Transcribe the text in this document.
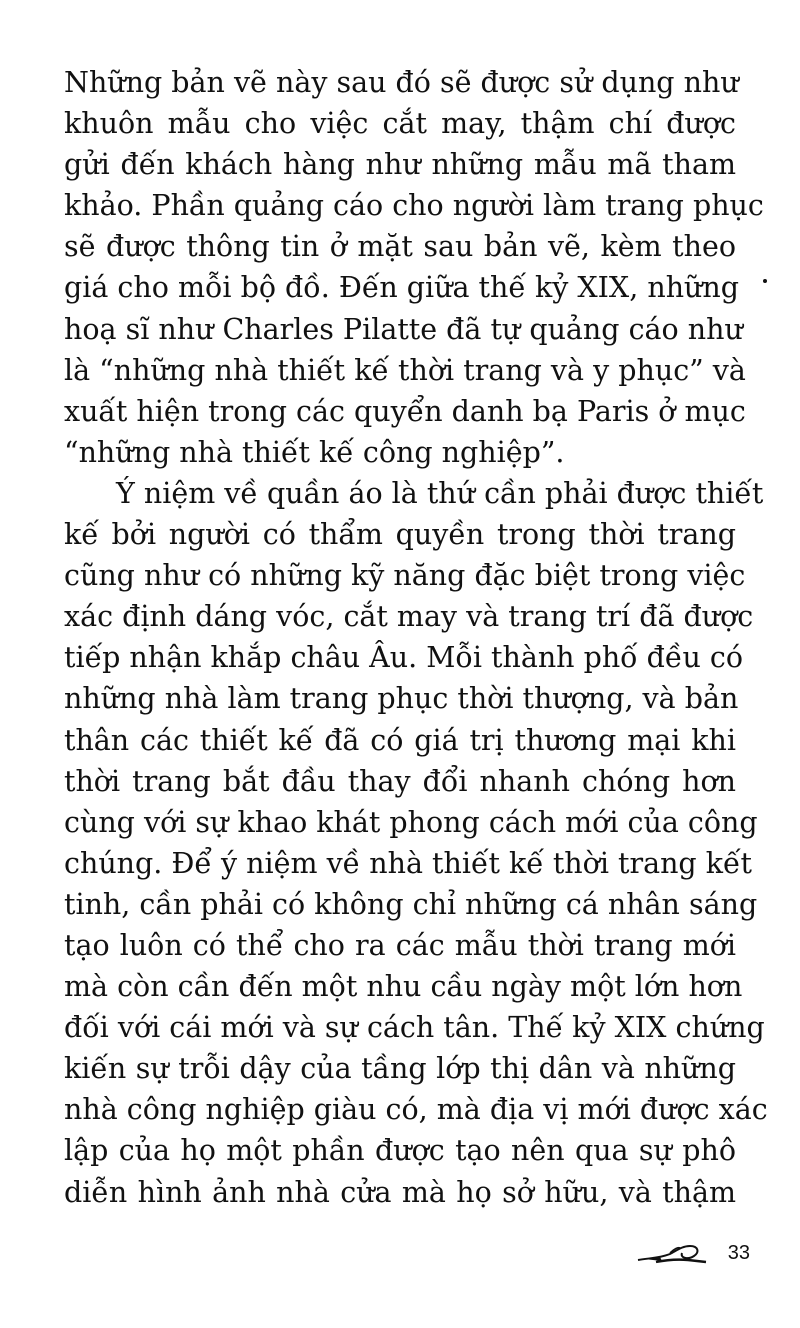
Những bản vẽ này sau đó sẽ được sử dụng như
khuôn mẫu cho việc cắt may, thậm chí được
gửi đến khách hàng như những mẫu mã tham
khảo. Phần quảng cáo cho người làm trang phục
sẽ được thông tin ở mặt sau bản vẽ, kèm theo
giá cho mỗi bộ đồ. Đến giữa thế kỷ XIX, những
hoạ sĩ như Charles Pilatte đã tự quảng cáo như
là “những nhà thiết kế thời trang và y phục” và
xuất hiện trong các quyển danh bạ Paris ở mục
“những nhà thiết kế công nghiệp”.

Ý niệm về quần áo là thứ cần phải được thiết
kế bởi người có thẩm quyền trong thời trang
cũng như có những kỹ năng đặc biệt trong việc
xác định dáng vóc, cắt may và trang trí đã được
tiếp nhận khắp châu Âu. Mỗi thành phố đều có
những nhà làm trang phục thời thượng, và bản
thân các thiết kế đã có giá trị thương mại khi
thời trang bắt đầu thay đổi nhanh chóng hơn
cùng với sự khao khát phong cách mới của công
chúng. Để ý niệm về nhà thiết kế thời trang kết
tinh, cần phải có không chỉ những cá nhân sáng
tạo luôn có thể cho ra các mẫu thời trang mới
mà còn cần đến một nhu cầu ngày một lớn hơn
đối với cái mới và sự cách tân. Thế kỷ XIX chứng
kiến sự trỗi dậy của tầng lớp thị dân và những
nhà công nghiệp giàu có, mà địa vị mới được xác
lập của họ một phần được tạo nên qua sự phô
diễn hình ảnh nhà cửa mà họ sở hữu, và thậm

33
